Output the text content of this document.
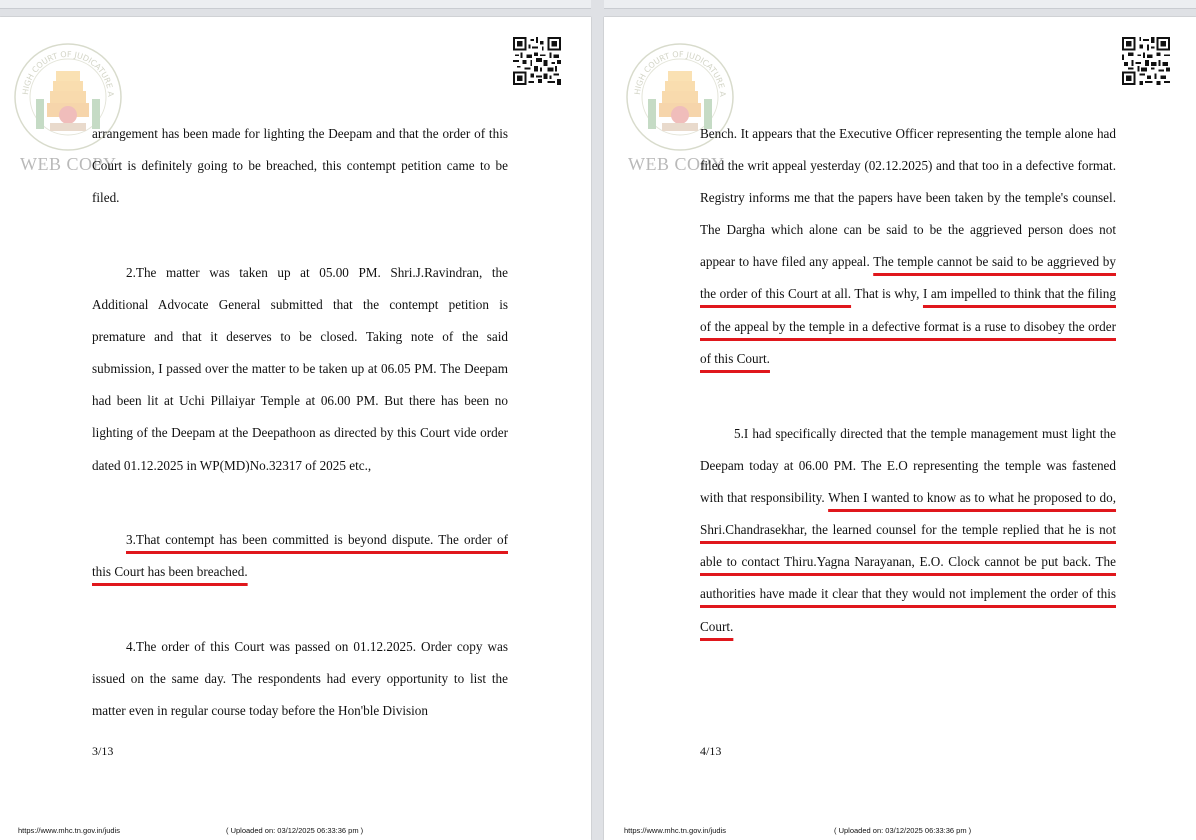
HIGH COURT OF JUDICATURE A
WEB COPY

arrangement has been made for lighting the Deepam and that the order of this Court is definitely going to be breached, this contempt petition came to be filed.

2.The matter was taken up at 05.00 PM. Shri.J.Ravindran, the Additional Advocate General submitted that the contempt petition is premature and that it deserves to be closed. Taking note of the said submission, I passed over the matter to be taken up at 06.05 PM. The Deepam had been lit at Uchi Pillaiyar Temple at 06.00 PM. But there has been no lighting of the Deepam at the Deepathoon as directed by this Court vide order dated 01.12.2025 in WP(MD)No.32317 of 2025 etc.,

3.That contempt has been committed is beyond dispute. The order of this Court has been breached.

4.The order of this Court was passed on 01.12.2025. Order copy was issued on the same day. The respondents had every opportunity to list the matter even in regular course today before the Hon'ble Division

3/13
https://www.mhc.tn.gov.in/judis	( Uploaded on: 03/12/2025 06:33:36 pm )
HIGH COURT OF JUDICATURE A
WEB COPY

Bench. It appears that the Executive Officer representing the temple alone had filed the writ appeal yesterday (02.12.2025) and that too in a defective format. Registry informs me that the papers have been taken by the temple's counsel. The Dargha which alone can be said to be the aggrieved person does not appear to have filed any appeal. The temple cannot be said to be aggrieved by the order of this Court at all. That is why, I am impelled to think that the filing of the appeal by the temple in a defective format is a ruse to disobey the order of this Court.

5.I had specifically directed that the temple management must light the Deepam today at 06.00 PM. The E.O representing the temple was fastened with that responsibility. When I wanted to know as to what he proposed to do, Shri.Chandrasekhar, the learned counsel for the temple replied that he is not able to contact Thiru.Yagna Narayanan, E.O. Clock cannot be put back. The authorities have made it clear that they would not implement the order of this Court.

4/13
https://www.mhc.tn.gov.in/judis	( Uploaded on: 03/12/2025 06:33:36 pm )
